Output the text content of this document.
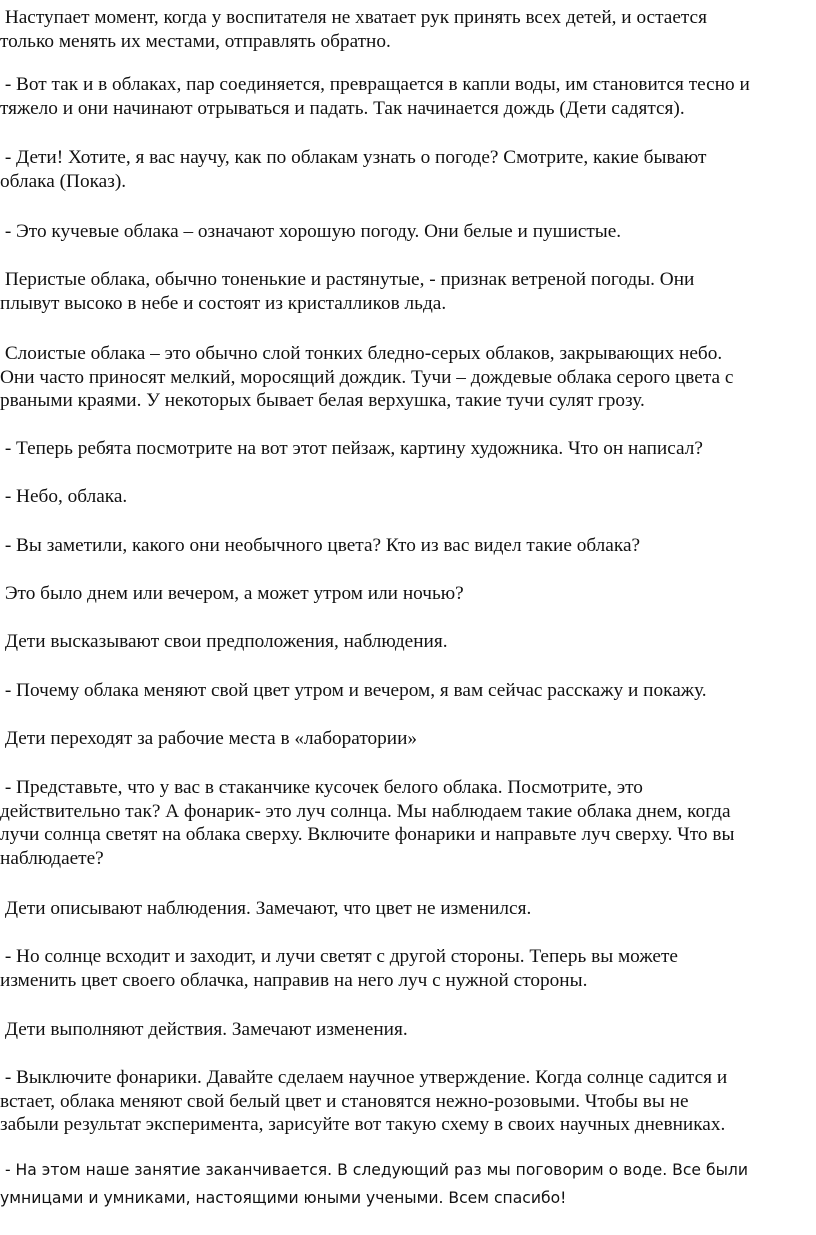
Наступает момент, когда у воспитателя не хватает рук принять всех детей, и остается
только менять их местами, отправлять обратно.
- Вот так и в облаках, пар соединяется, превращается в капли воды, им становится тесно и
тяжело и они начинают отрываться и падать. Так начинается дождь (Дети садятся).
- Дети! Хотите, я вас научу, как по облакам узнать о погоде? Смотрите, какие бывают
облака (Показ).
- Это кучевые облака – означают хорошую погоду. Они белые и пушистые.
Перистые облака, обычно тоненькие и растянутые, - признак ветреной погоды. Они
плывут высоко в небе и состоят из кристалликов льда.
Слоистые облака – это обычно слой тонких бледно-серых облаков, закрывающих небо.
Они часто приносят мелкий, моросящий дождик. Тучи – дождевые облака серого цвета с
рваными краями. У некоторых бывает белая верхушка, такие тучи сулят грозу.
- Теперь ребята посмотрите на вот этот пейзаж, картину художника. Что он написал?
- Небо, облака.
- Вы заметили, какого они необычного цвета? Кто из вас видел такие облака?
Это было днем или вечером, а может утром или ночью?
Дети высказывают свои предположения, наблюдения.
- Почему облака меняют свой цвет утром и вечером, я вам сейчас расскажу и покажу.
Дети переходят за рабочие места в «лаборатории»
- Представьте, что у вас в стаканчике кусочек белого облака. Посмотрите, это
действительно так? А фонарик- это луч солнца. Мы наблюдаем такие облака днем, когда
лучи солнца светят на облака сверху. Включите фонарики и направьте луч сверху. Что вы
наблюдаете?
Дети описывают наблюдения. Замечают, что цвет не изменился.
- Но солнце всходит и заходит, и лучи светят с другой стороны. Теперь вы можете
изменить цвет своего облачка, направив на него луч с нужной стороны.
Дети выполняют действия. Замечают изменения.
- Выключите фонарики. Давайте сделаем научное утверждение. Когда солнце садится и
встает, облака меняют свой белый цвет и становятся нежно-розовыми. Чтобы вы не
забыли результат эксперимента, зарисуйте вот такую схему в своих научных дневниках.
- На этом наше занятие заканчивается. В следующий раз мы поговорим о воде. Все были
умницами и умниками, настоящими юными учеными. Всем спасибо!
